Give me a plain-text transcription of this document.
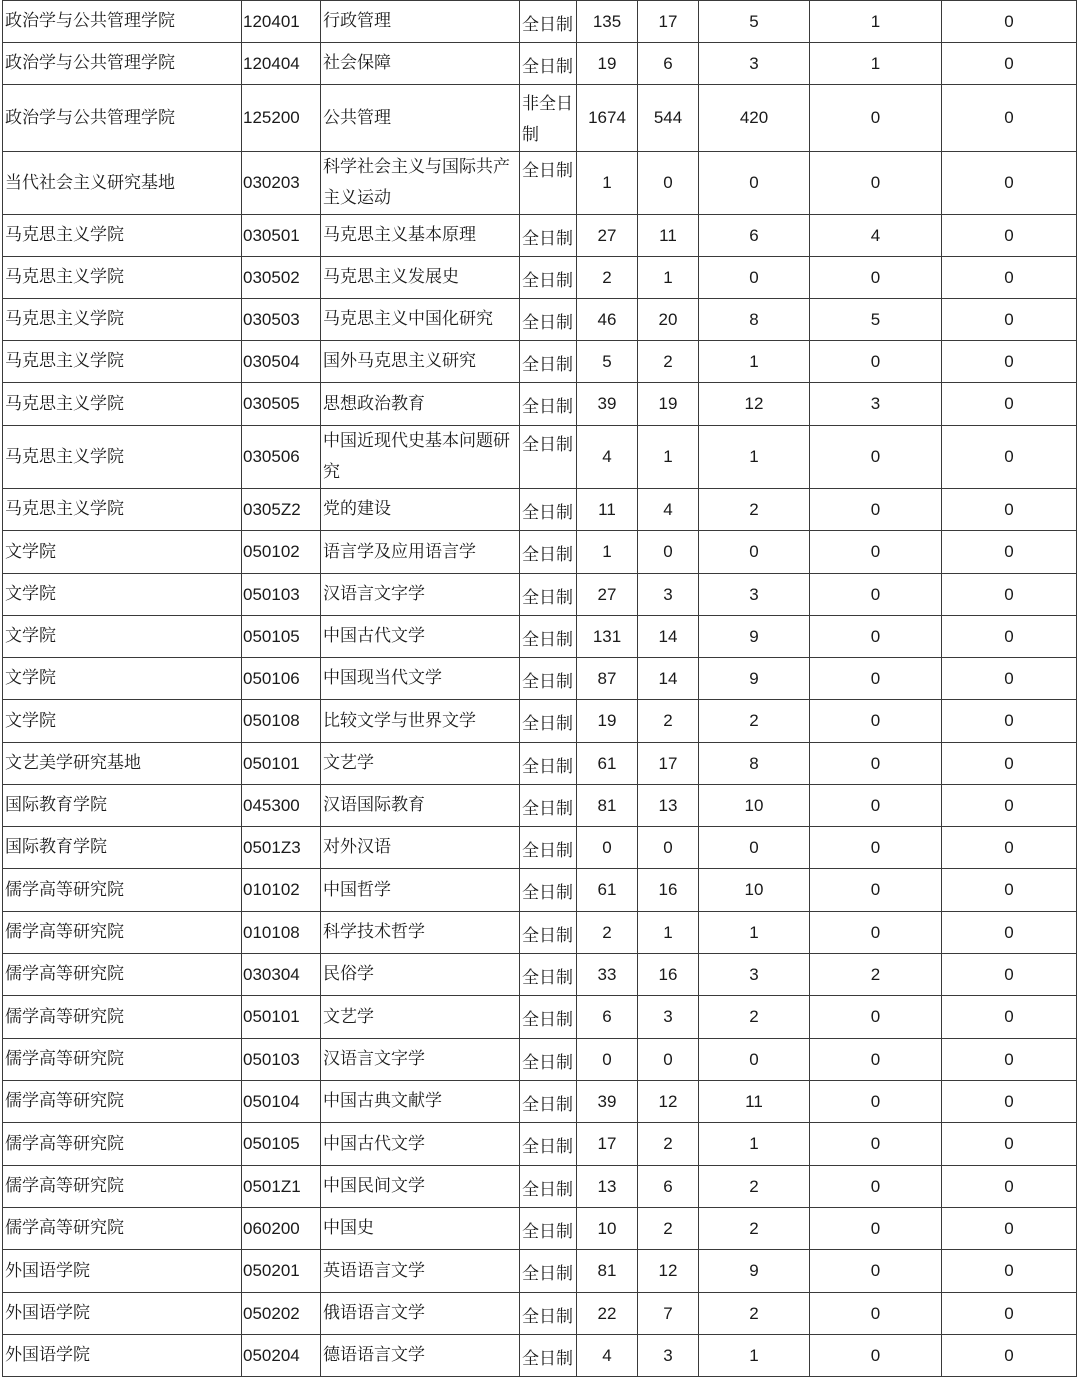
政治学与公共管理学院	120401	行政管理	全日制	135	17	5	1	0
政治学与公共管理学院	120404	社会保障	全日制	19	6	3	1	0
政治学与公共管理学院	125200	公共管理	非全日制	1674	544	420	0	0
当代社会主义研究基地	030203	科学社会主义与国际共产主义运动	全日制	1	0	0	0	0
马克思主义学院	030501	马克思主义基本原理	全日制	27	11	6	4	0
马克思主义学院	030502	马克思主义发展史	全日制	2	1	0	0	0
马克思主义学院	030503	马克思主义中国化研究	全日制	46	20	8	5	0
马克思主义学院	030504	国外马克思主义研究	全日制	5	2	1	0	0
马克思主义学院	030505	思想政治教育	全日制	39	19	12	3	0
马克思主义学院	030506	中国近现代史基本问题研究	全日制	4	1	1	0	0
马克思主义学院	0305Z2	党的建设	全日制	11	4	2	0	0
文学院	050102	语言学及应用语言学	全日制	1	0	0	0	0
文学院	050103	汉语言文字学	全日制	27	3	3	0	0
文学院	050105	中国古代文学	全日制	131	14	9	0	0
文学院	050106	中国现当代文学	全日制	87	14	9	0	0
文学院	050108	比较文学与世界文学	全日制	19	2	2	0	0
文艺美学研究基地	050101	文艺学	全日制	61	17	8	0	0
国际教育学院	045300	汉语国际教育	全日制	81	13	10	0	0
国际教育学院	0501Z3	对外汉语	全日制	0	0	0	0	0
儒学高等研究院	010102	中国哲学	全日制	61	16	10	0	0
儒学高等研究院	010108	科学技术哲学	全日制	2	1	1	0	0
儒学高等研究院	030304	民俗学	全日制	33	16	3	2	0
儒学高等研究院	050101	文艺学	全日制	6	3	2	0	0
儒学高等研究院	050103	汉语言文字学	全日制	0	0	0	0	0
儒学高等研究院	050104	中国古典文献学	全日制	39	12	11	0	0
儒学高等研究院	050105	中国古代文学	全日制	17	2	1	0	0
儒学高等研究院	0501Z1	中国民间文学	全日制	13	6	2	0	0
儒学高等研究院	060200	中国史	全日制	10	2	2	0	0
外国语学院	050201	英语语言文学	全日制	81	12	9	0	0
外国语学院	050202	俄语语言文学	全日制	22	7	2	0	0
外国语学院	050204	德语语言文学	全日制	4	3	1	0	0
